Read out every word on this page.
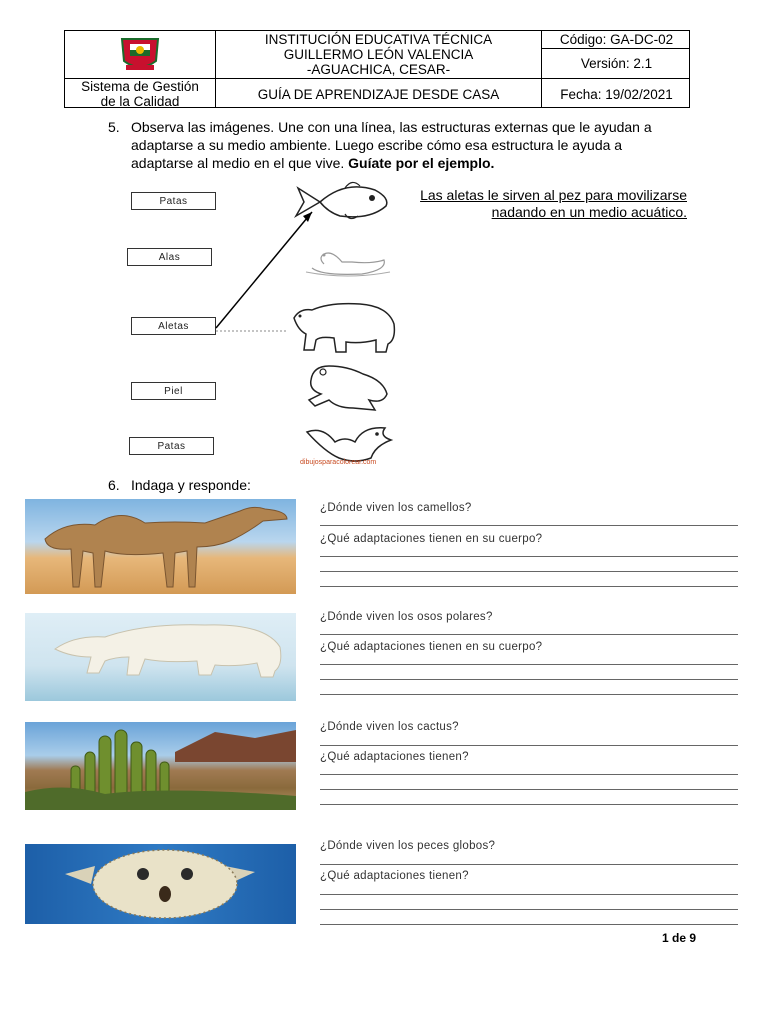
INSTITUCIÓN EDUCATIVA TÉCNICA
GUILLERMO LEÓN VALENCIA
-AGUACHICA, CESAR-
Código: GA-DC-02
Versión: 2.1
Sistema de Gestión
de la Calidad	GUÍA DE APRENDIZAJE DESDE CASA	Fecha: 19/02/2021
5. Observa las imágenes. Une con una línea, las estructuras externas que le ayudan a
adaptarse a su medio ambiente. Luego escribe cómo esa estructura le ayuda a
adaptarse al medio en el que vive. Guíate por el ejemplo.
Patas
Alas
Aletas
Piel
Patas
dibujosparacolorear.com
Las aletas le sirven al pez para movilizarse
nadando en un medio acuático.
6. Indaga y responde:
¿Dónde viven los camellos?
¿Qué adaptaciones tienen en su cuerpo?
¿Dónde viven los osos polares?
¿Qué adaptaciones tienen en su cuerpo?
¿Dónde viven los cactus?
¿Qué adaptaciones tienen?
¿Dónde viven los peces globos?
¿Qué adaptaciones tienen?
1 de 9
